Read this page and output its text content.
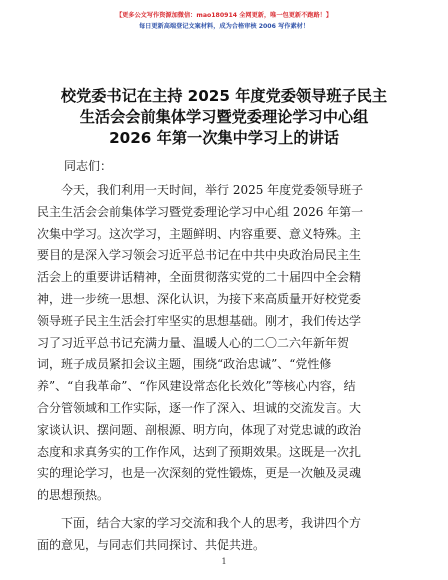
【更多公文写作资源加微信：mao180914 全网更新，唯一包更新不跑路！】
每日更新高端登记文案材料，成为合格审核 2006 写作素材！
校党委书记在主持 2025 年度党委领导班子民主
生活会会前集体学习暨党委理论学习中心组
2026 年第一次集中学习上的讲话
同志们：
今天，我们利用一天时间，举行 2025 年度党委领导班子
民主生活会会前集体学习暨党委理论学习中心组 2026 年第一
次集中学习。这次学习，主题鲜明、内容重要、意义特殊。主
要目的是深入学习领会习近平总书记在中共中央政治局民主生
活会上的重要讲话精神，全面贯彻落实党的二十届四中全会精
神，进一步统一思想、深化认识，为接下来高质量开好校党委
领导班子民主生活会打牢坚实的思想基础。刚才，我们传达学
习了习近平总书记充满力量、温暖人心的二〇二六年新年贺
词，班子成员紧扣会议主题，围绕“政治忠诚”、“党性修
养”、“自我革命”、“作风建设常态化长效化”等核心内容，结
合分管领域和工作实际，逐一作了深入、坦诚的交流发言。大
家谈认识、摆问题、剖根源、明方向，体现了对党忠诚的政治
态度和求真务实的工作作风，达到了预期效果。这既是一次扎
实的理论学习，也是一次深刻的党性锻炼，更是一次触及灵魂
的思想预热。
下面，结合大家的学习交流和我个人的思考，我讲四个方
面的意见，与同志们共同探讨、共促共进。
1
